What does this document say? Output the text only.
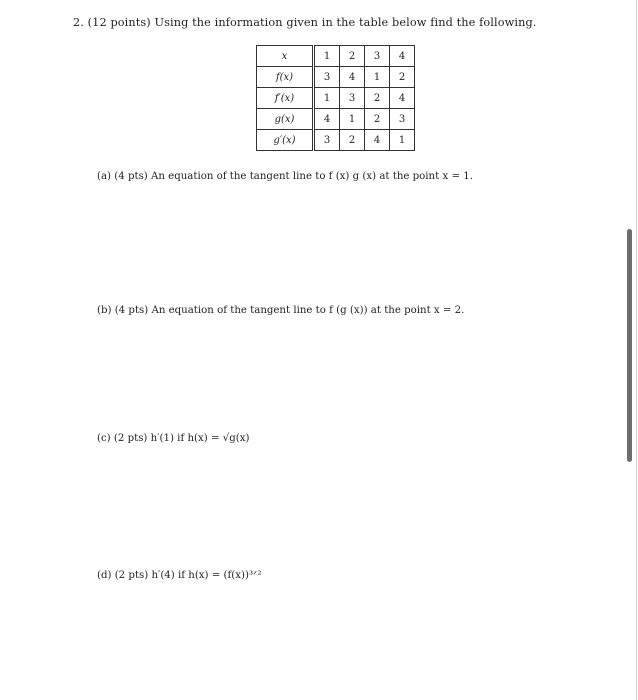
2. (12 points) Using the information given in the table below find the following.
x	1	2	3	4
f(x)	3	4	1	2
f′(x)	1	3	2	4
g(x)	4	1	2	3
g′(x)	3	2	4	1
(a) (4 pts) An equation of the tangent line to f (x) g (x) at the point x = 1.
(b) (4 pts) An equation of the tangent line to f (g (x)) at the point x = 2.
(c) (2 pts) h′(1) if h(x) = √g(x)
(d) (2 pts) h′(4) if h(x) = (f(x))³ᐟ²
